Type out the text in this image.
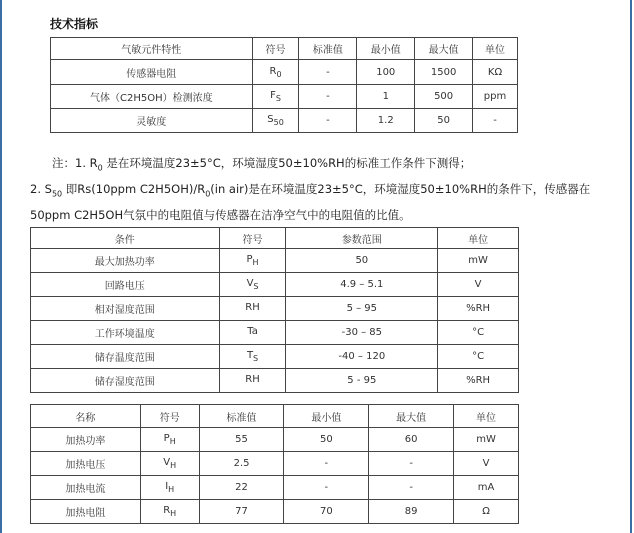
技术指标
气敏元件特性	符号	标准值	最小值	最大值	单位
传感器电阻	$R_0$	-	100	1500	KΩ
气体（C2H5OH）检测浓度	$F_S$	-	1	500	ppm
灵敏度	$S_{50}$	-	1.2	50	-
注：1. $R_0$ 是在环境温度23±5°C，环境湿度50±10%RH的标准工作条件下测得；
2. $S_{50}$ 即Rs(10ppm $C2H5OH)/R_0(in$ air)是在环境温度23±5°C，环境湿度50±10%RH的条件下，传感器在
50ppm C2H5OH气氛中的电阻值与传感器在洁净空气中的电阻值的比值。
条件	符号	参数范围	单位
最大加热功率	$P_H$	50	mW
回路电压	$V_S$	4.9 – 5.1	V
相对湿度范围	RH	5 – 95	%RH
工作环境温度	Ta	-30 – 85	°C
储存温度范围	$T_S$	-40 – 120	°C
储存湿度范围	RH	5 - 95	%RH
名称	符号	标准值	最小值	最大值	单位
加热功率	$P_H$	55	50	60	mW
加热电压	$V_H$	2.5	-	-	V
加热电流	$I_H$	22	-	-	mA
加热电阻	$R_H$	77	70	89	Ω
